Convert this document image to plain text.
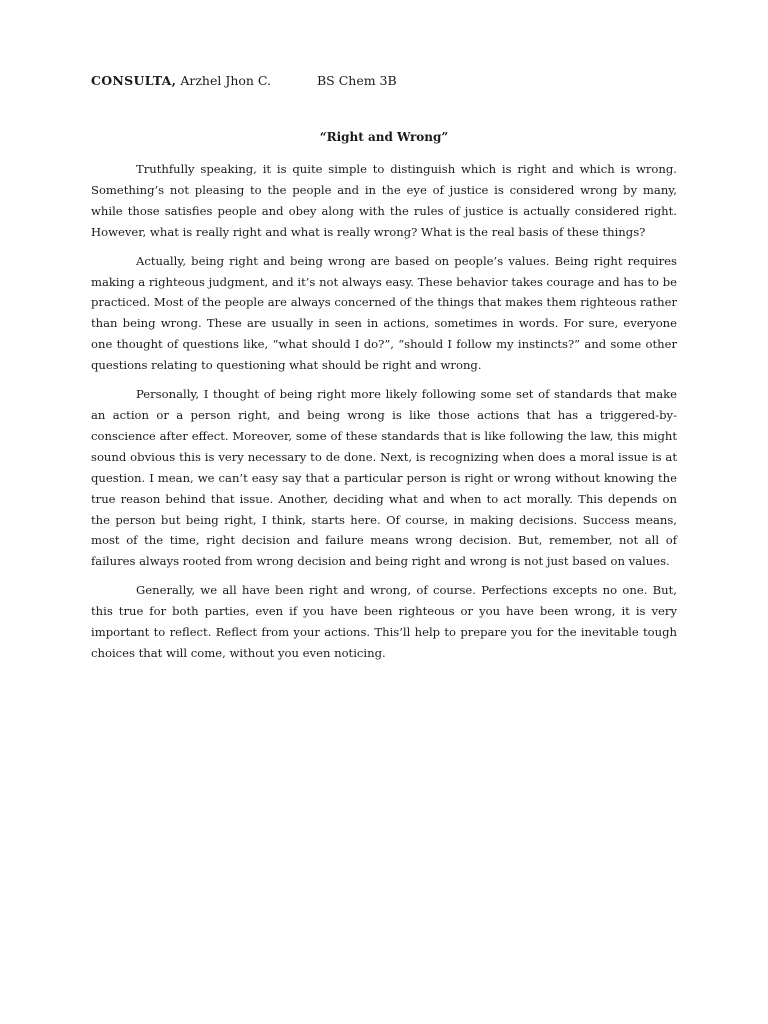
CONSULTA, Arzhel Jhon C.	BS Chem 3B
“Right and Wrong”

Truthfully speaking, it is quite simple to distinguish which is right and which is wrong. Something’s not pleasing to the people and in the eye of justice is considered wrong by many, while those satisfies people and obey along with the rules of justice is actually considered right. However, what is really right and what is really wrong? What is the real basis of these things?

Actually, being right and being wrong are based on people’s values. Being right requires making a righteous judgment, and it’s not always easy. These behavior takes courage and has to be practiced. Most of the people are always concerned of the things that makes them righteous rather than being wrong. These are usually in seen in actions, sometimes in words. For sure, everyone one thought of questions like, “what should I do?”, “should I follow my instincts?” and some other questions relating to questioning what should be right and wrong.

Personally, I thought of being right more likely following some set of standards that make an action or a person right, and being wrong is like those actions that has a triggered-by-conscience after effect. Moreover, some of these standards that is like following the law, this might sound obvious this is very necessary to de done. Next, is recognizing when does a moral issue is at question. I mean, we can’t easy say that a particular person is right or wrong without knowing the true reason behind that issue. Another, deciding what and when to act morally. This depends on the person but being right, I think, starts here. Of course, in making decisions. Success means, most of the time, right decision and failure means wrong decision. But, remember, not all of failures always rooted from wrong decision and being right and wrong is not just based on values.

Generally, we all have been right and wrong, of course. Perfections excepts no one. But, this true for both parties, even if you have been righteous or you have been wrong, it is very important to reflect. Reflect from your actions. This’ll help to prepare you for the inevitable tough choices that will come, without you even noticing.
